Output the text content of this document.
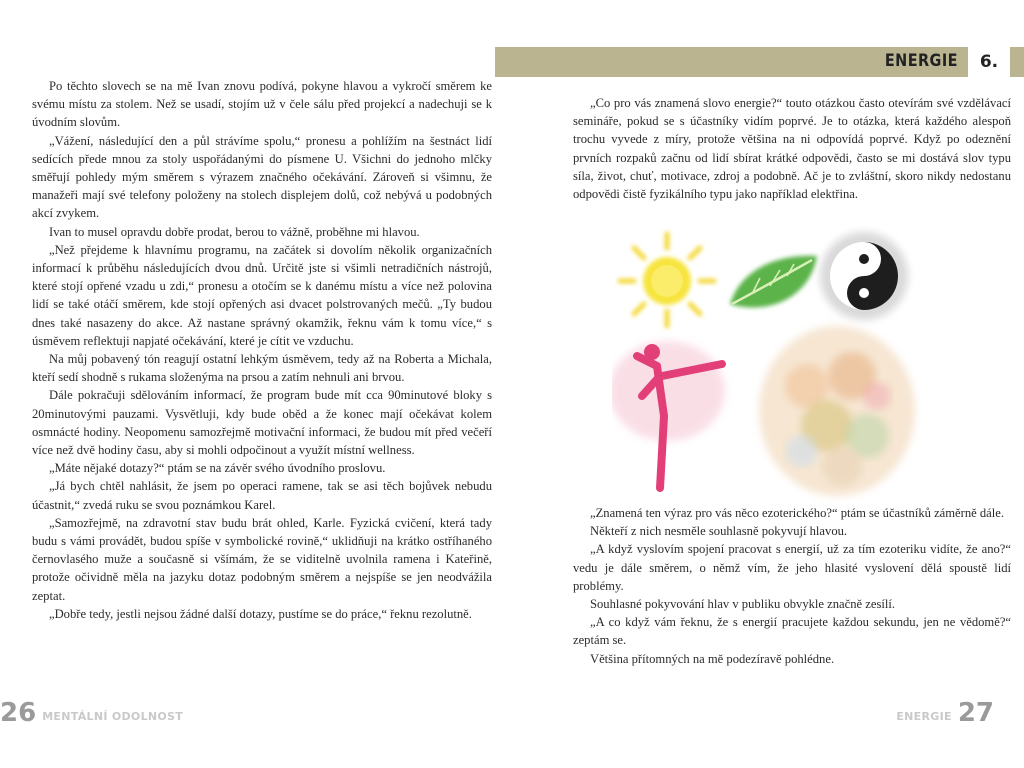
Po těchto slovech se na mě Ivan znovu podívá, pokyne hlavou a vykročí směrem ke svému místu za stolem. Než se usadí, stojím už v čele sálu před projekcí a nadechuji se k úvodním slovům.

„Vážení, následující den a půl strávíme spolu,“ pronesu a pohlížím na šestnáct lidí sedících přede mnou za stoly uspořádanými do písmene U. Všichni do jednoho mlčky směřují pohledy mým směrem s výrazem značného očekávání. Zároveň si všimnu, že manažeři mají své telefony položeny na stolech displejem dolů, což nebývá u podobných akcí zvykem.

Ivan to musel opravdu dobře prodat, berou to vážně, proběhne mi hlavou.

„Než přejdeme k hlavnímu programu, na začátek si dovolím několik organizačních informací k průběhu následujících dvou dnů. Určitě jste si všimli netradičních nástrojů, které stojí opřené vzadu u zdi,“ pronesu a otočím se k danému místu a více než polovina lidí se také otáčí směrem, kde stojí opřených asi dvacet polstrovaných mečů. „Ty budou dnes také nasazeny do akce. Až nastane správný okamžik, řeknu vám k tomu více,“ s úsměvem reflektuji napjaté očekávání, které je cítit ve vzduchu.

Na můj pobavený tón reagují ostatní lehkým úsměvem, tedy až na Roberta a Michala, kteří sedí shodně s rukama složenýma na prsou a zatím nehnuli ani brvou.

Dále pokračuji sdělováním informací, že program bude mít cca 90minutové bloky s 20minutovými pauzami. Vysvětluji, kdy bude oběd a že konec mají očekávat kolem osmnácté hodiny. Neopomenu samozřejmě motivační informaci, že budou mít před večeří více než dvě hodiny času, aby si mohli odpočinout a využít místní wellness.

„Máte nějaké dotazy?“ ptám se na závěr svého úvodního proslovu.

„Já bych chtěl nahlásit, že jsem po operaci ramene, tak se asi těch bojůvek nebudu účastnit,“ zvedá ruku se svou poznámkou Karel.

„Samozřejmě, na zdravotní stav budu brát ohled, Karle. Fyzická cvičení, která tady budu s vámi provádět, budou spíše v symbolické rovině,“ uklidňuji na krátko ostříhaného černovlasého muže a současně si všímám, že se viditelně uvolnila ramena i Kateřině, protože očividně měla na jazyku dotaz podobným směrem a nejspíše se jen neodvážila zeptat.

„Dobře tedy, jestli nejsou žádné další dotazy, pustíme se do práce,“ řeknu rezolutně.

26 MENTÁLNÍ ODOLNOST

„Co pro vás znamená slovo energie?“ touto otázkou často otevírám své vzdělávací semináře, pokud se s účastníky vidím poprvé. Je to otázka, která každého alespoň trochu vyvede z míry, protože většina na ni odpovídá poprvé. Když po odeznění prvních rozpaků začnu od lidí sbírat krátké odpovědi, často se mi dostává slov typu síla, život, chuť, motivace, zdroj a podobně. Ač je to zvláštní, skoro nikdy nedostanu odpovědi čistě fyzikálního typu jako například elektřina.

„Znamená ten výraz pro vás něco ezoterického?“ ptám se účastníků záměrně dále.

Někteří z nich nesměle souhlasně pokyvují hlavou.

„A když vyslovím spojení pracovat s energií, už za tím ezoteriku vidíte, že ano?“ vedu je dále směrem, o němž vím, že jeho hlasité vyslovení dělá spoustě lidí problémy.

Souhlasné pokyvování hlav v publiku obvykle značně zesílí.

„A co když vám řeknu, že s energií pracujete každou sekundu, jen ne vědomě?“ zeptám se.

Většina přítomných na mě podezíravě pohlédne.

ENERGIE 27
ENERGIE	6.
